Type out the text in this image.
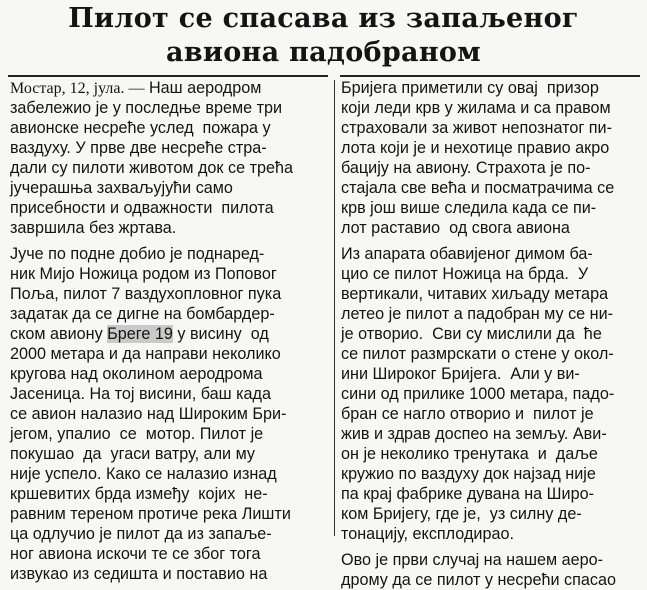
Пилот се спасава из запаљеног
авиона падобраном
Мостар, 12, јула. — Наш аеродром
забележио је у последње време три
авионске несреће услед  пожара у
ваздуху. У прве две несреће стра-
дали су пилоти животом док се трећа
јучерашња захваљујући само
присебности и одважности  пилота
завршила без жртава.
Јуче по подне добио је поднаред-
ник Мијо Ножица родом из Поповог
Поља, пилот 7 ваздухопловног пука
задатак да се дигне на бомбардер-
ском авиону Бреге 19 у висину  од
2000 метара и да направи неколико
кругова над околином аеродрома
Јасеница. На тој висини, баш када
се авион налазио над Широким Бри-
јегом, упалио  се  мотор. Пилот је
покушао  да  угаси ватру, али му
није успело. Како се налазио изнад
кршевитих брда између  којих  не-
равним тереном протиче река Лишти
ца одлучио је пилот да из запаље-
ног авиона искочи те се због тога
извукао из седишта и поставио на
Бријега приметили су овај  призор
који леди крв у жилама и са правом
страховали за живот непознатог пи-
лота који је и нехотице правио акро
бацију на авиону. Страхота је по-
стајала све већа и посматрачима се
крв још више следила када се пи-
лот раставио  од свога авиона
Из апарата обавијеног димом ба-
цио се пилот Ножица на брда.  У
вертикали, читавих хиљаду метара
летео је пилот а падобран му се ни-
је отворио.  Сви су мислили да  ће
се пилот размрскати о стене у окол-
ини Широког Бријега.  Али у ви-
сини од прилике 1000 метара, падо-
бран се нагло отворио и  пилот је
жив и здрав доспео на земљу. Ави-
он је неколико тренутака  и  даље
кружио по ваздуху док најзад није
па крај фабрике дувана на Широ-
ком Бријегу, где је,  уз силну де-
тонацију, експлодирао.
Ово је први случај на нашем аеро-
дрому да се пилот у несрећи спасао
